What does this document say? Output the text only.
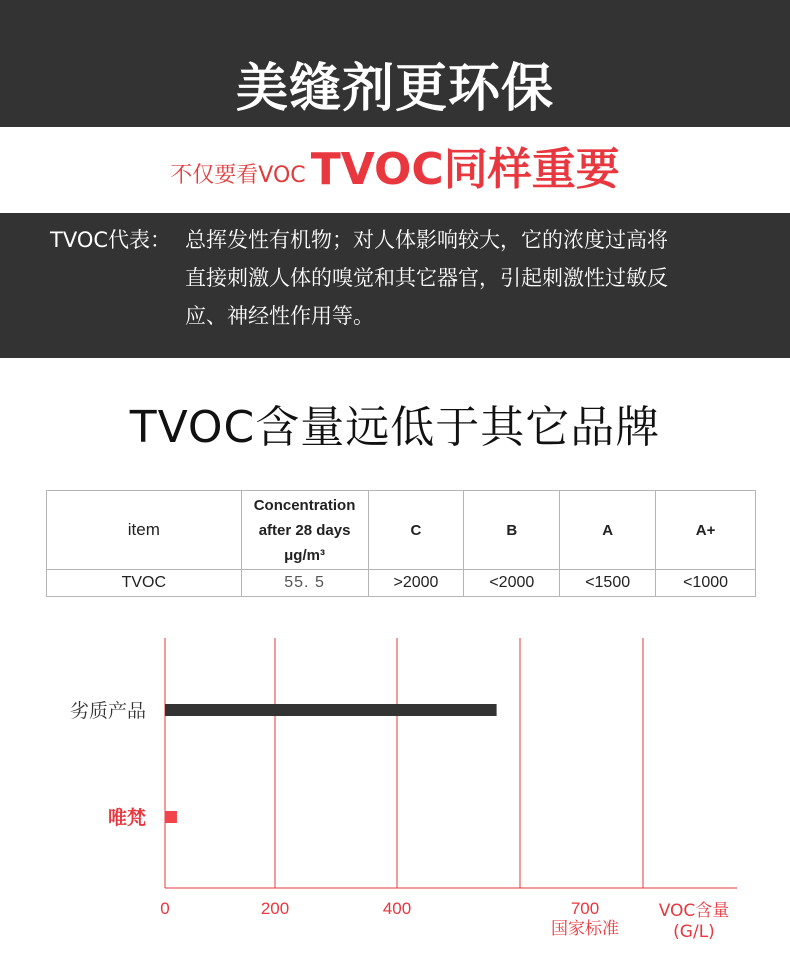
美缝剂更环保
不仅要看VOC TVOC同样重要
TVOC代表： 总挥发性有机物；对人体影响较大，它的浓度过高将
直接刺激人体的嗅觉和其它器官，引起刺激性过敏反
应、神经性作用等。
TVOC含量远低于其它品牌
item	Concentration
after 28 days
μg/m³	C	B	A	A+
TVOC	55. 5	>2000	<2000	<1500	<1000
劣质产品
唯梵
0	200	400	700
国家标准
VOC含量
(G/L)
